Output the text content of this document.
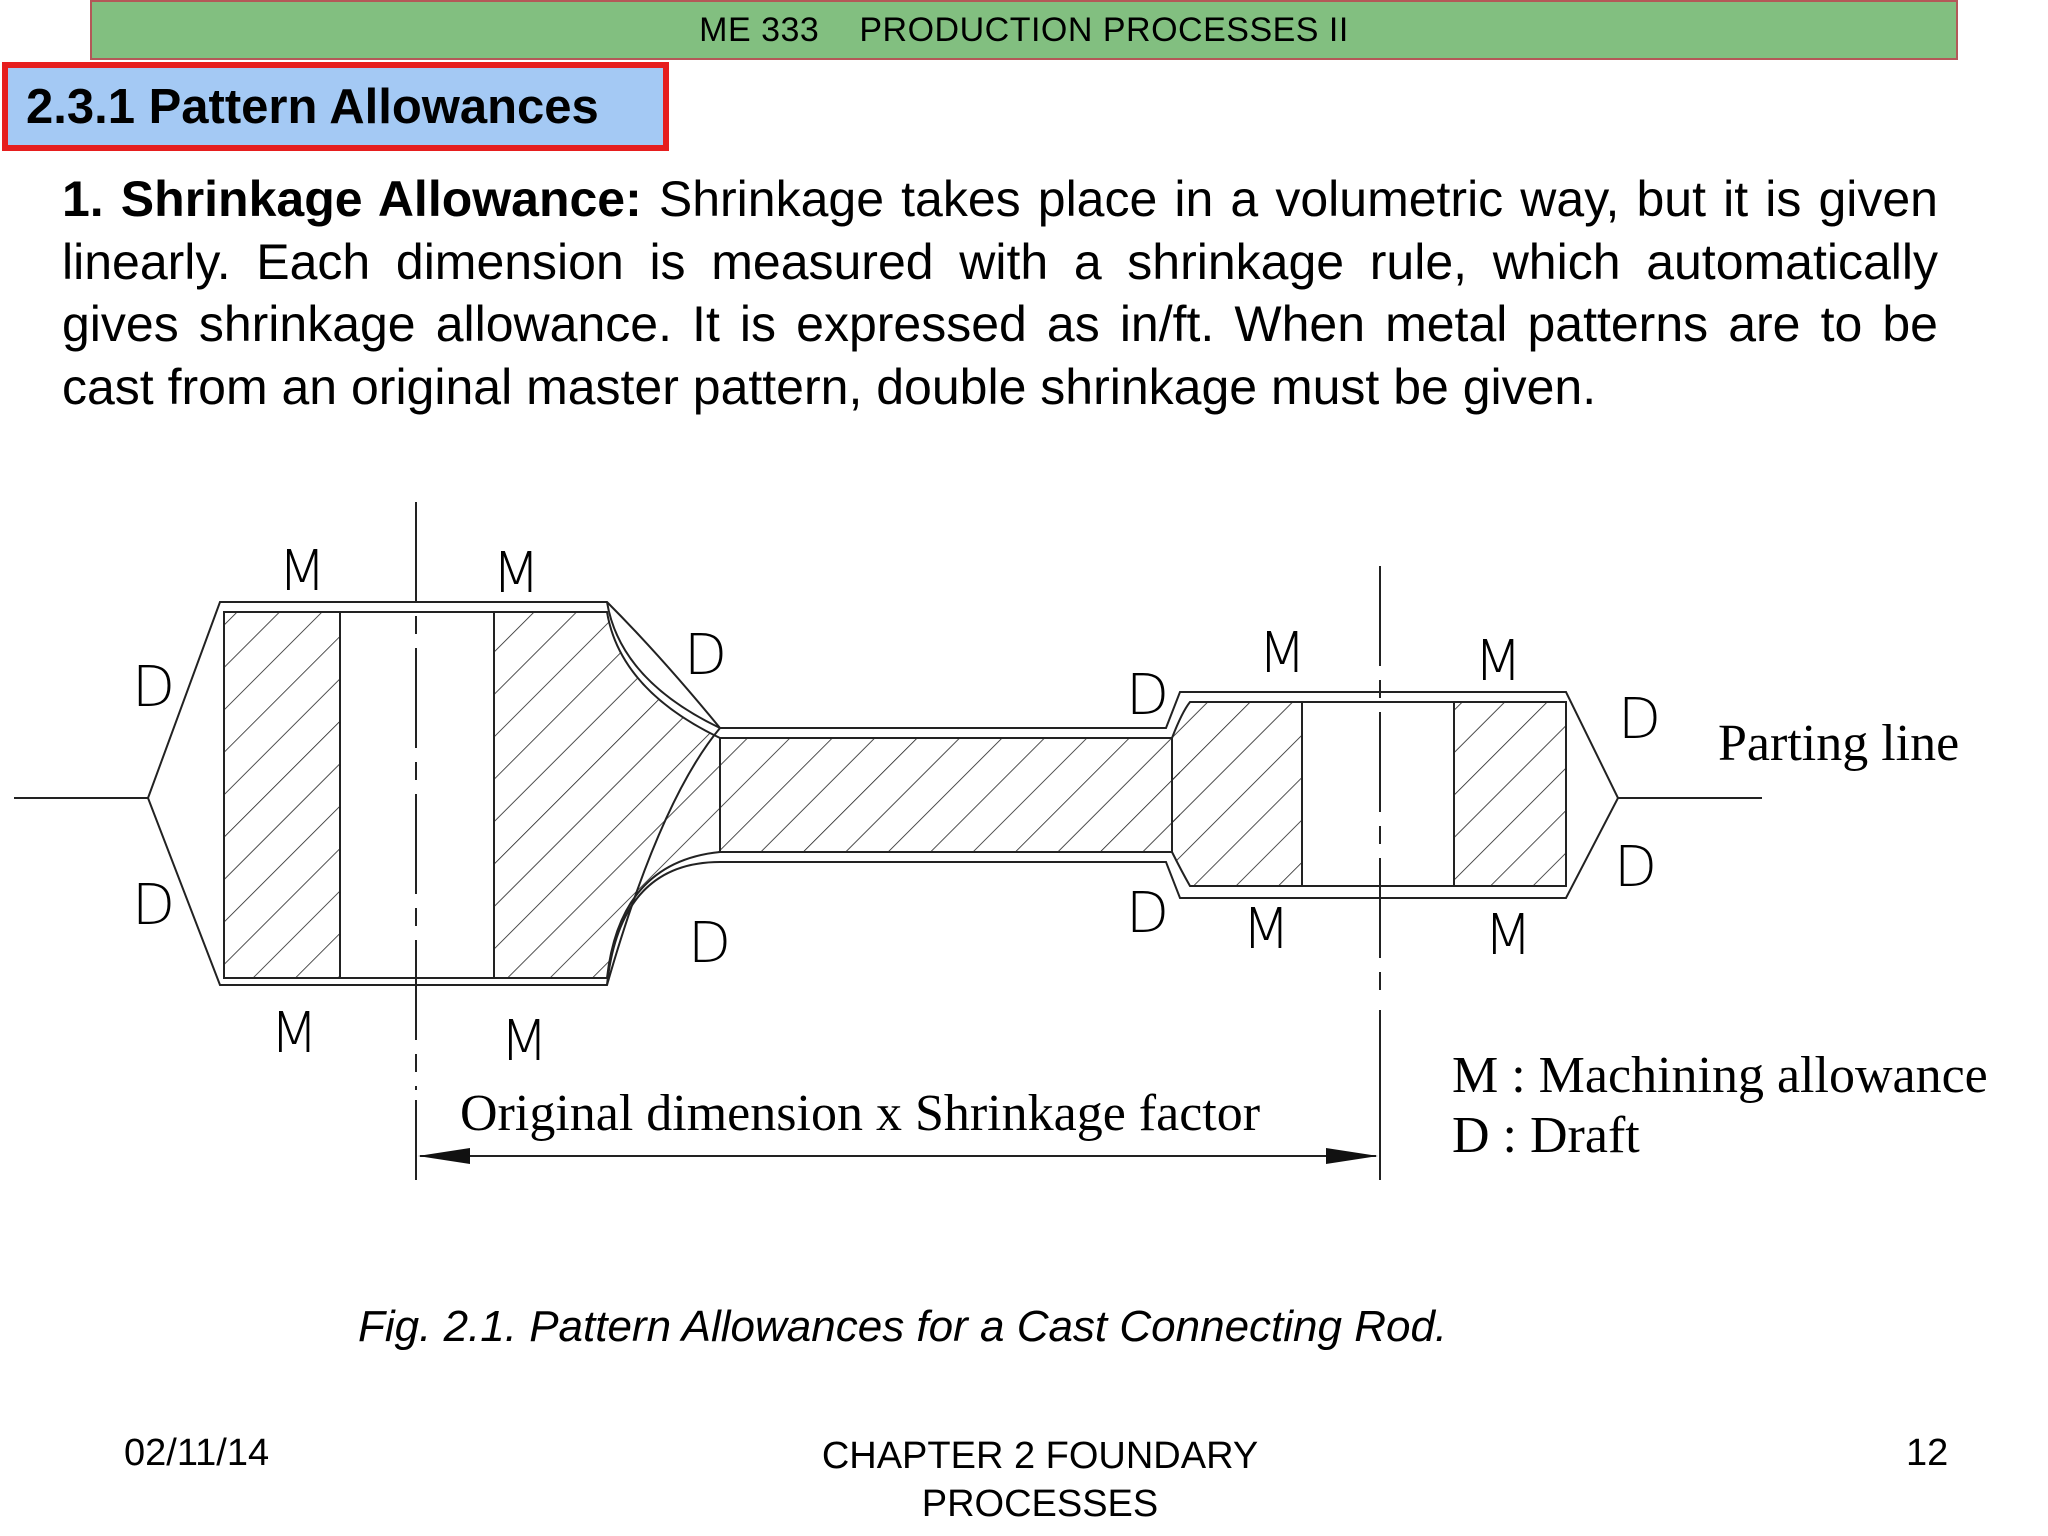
ME 333 PRODUCTION PROCESSES II
2.3.1 Pattern Allowances
1. Shrinkage Allowance: Shrinkage takes place in a volumetric way, but it is given linearly. Each dimension is measured with a shrinkage rule, which automatically gives shrinkage allowance. It is expressed as in/ft. When metal patterns are to be cast from an original master pattern, double shrinkage must be given.
M	M
D
D
D
D
M	M
M	M
D
D M	M
D
D
Parting line
Original dimension x Shrinkage factor
M : Machining allowance
D : Draft
Fig. 2.1. Pattern Allowances for a Cast Connecting Rod.
02/11/14	CHAPTER 2 FOUNDARY PROCESSES
12
